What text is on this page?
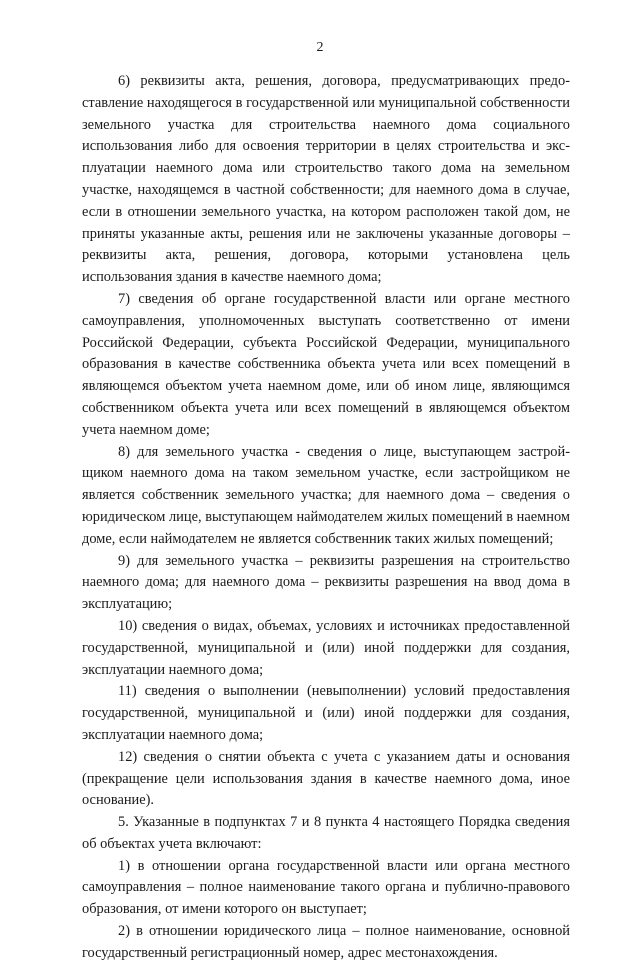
2

6) реквизиты акта, решения, договора, предусматривающих предоставление находящегося в государственной или муниципальной собственности земельного участка для строительства наемного дома социального использования либо для освоения территории в целях строительства и эксплуатации наемного дома или строительство такого дома на земельном участке, находящемся в частной собственности; для наемного дома в случае, если в отношении земельного участка, на котором расположен такой дом, не приняты указанные акты, решения или не заключены указанные договоры – реквизиты акта, решения, договора, которыми установлена цель использования здания в качестве наемного дома;

7) сведения об органе государственной власти или органе местного самоуправления, уполномоченных выступать соответственно от имени Российской Федерации, субъекта Российской Федерации, муниципального образования в качестве собственника объекта учета или всех помещений в являющемся объектом учета наемном доме, или об ином лице, являющимся собственником объекта учета или всех помещений в являющемся объектом учета наемном доме;

8) для земельного участка - сведения о лице, выступающем застройщиком наемного дома на таком земельном участке, если застройщиком не является собственник земельного участка; для наемного дома – сведения о юридическом лице, выступающем наймодателем жилых помещений в наемном доме, если наймодателем не является собственник таких жилых помещений;

9) для земельного участка – реквизиты разрешения на строительство наемного дома; для наемного дома – реквизиты разрешения на ввод дома в эксплуатацию;

10) сведения о видах, объемах, условиях и источниках предоставленной государственной, муниципальной и (или) иной поддержки для создания, эксплуатации наемного дома;

11) сведения о выполнении (невыполнении) условий предоставления государственной, муниципальной и (или) иной поддержки для создания, эксплуатации наемного дома;

12) сведения о снятии объекта с учета с указанием даты и основания (прекращение цели использования здания в качестве наемного дома, иное основание).

5. Указанные в подпунктах 7 и 8 пункта 4 настоящего Порядка сведения об объектах учета включают:

1) в отношении органа государственной власти или органа местного самоуправления – полное наименование такого органа и публично-правового образования, от имени которого он выступает;

2) в отношении юридического лица – полное наименование, основной государственный регистрационный номер, адрес местонахождения.
